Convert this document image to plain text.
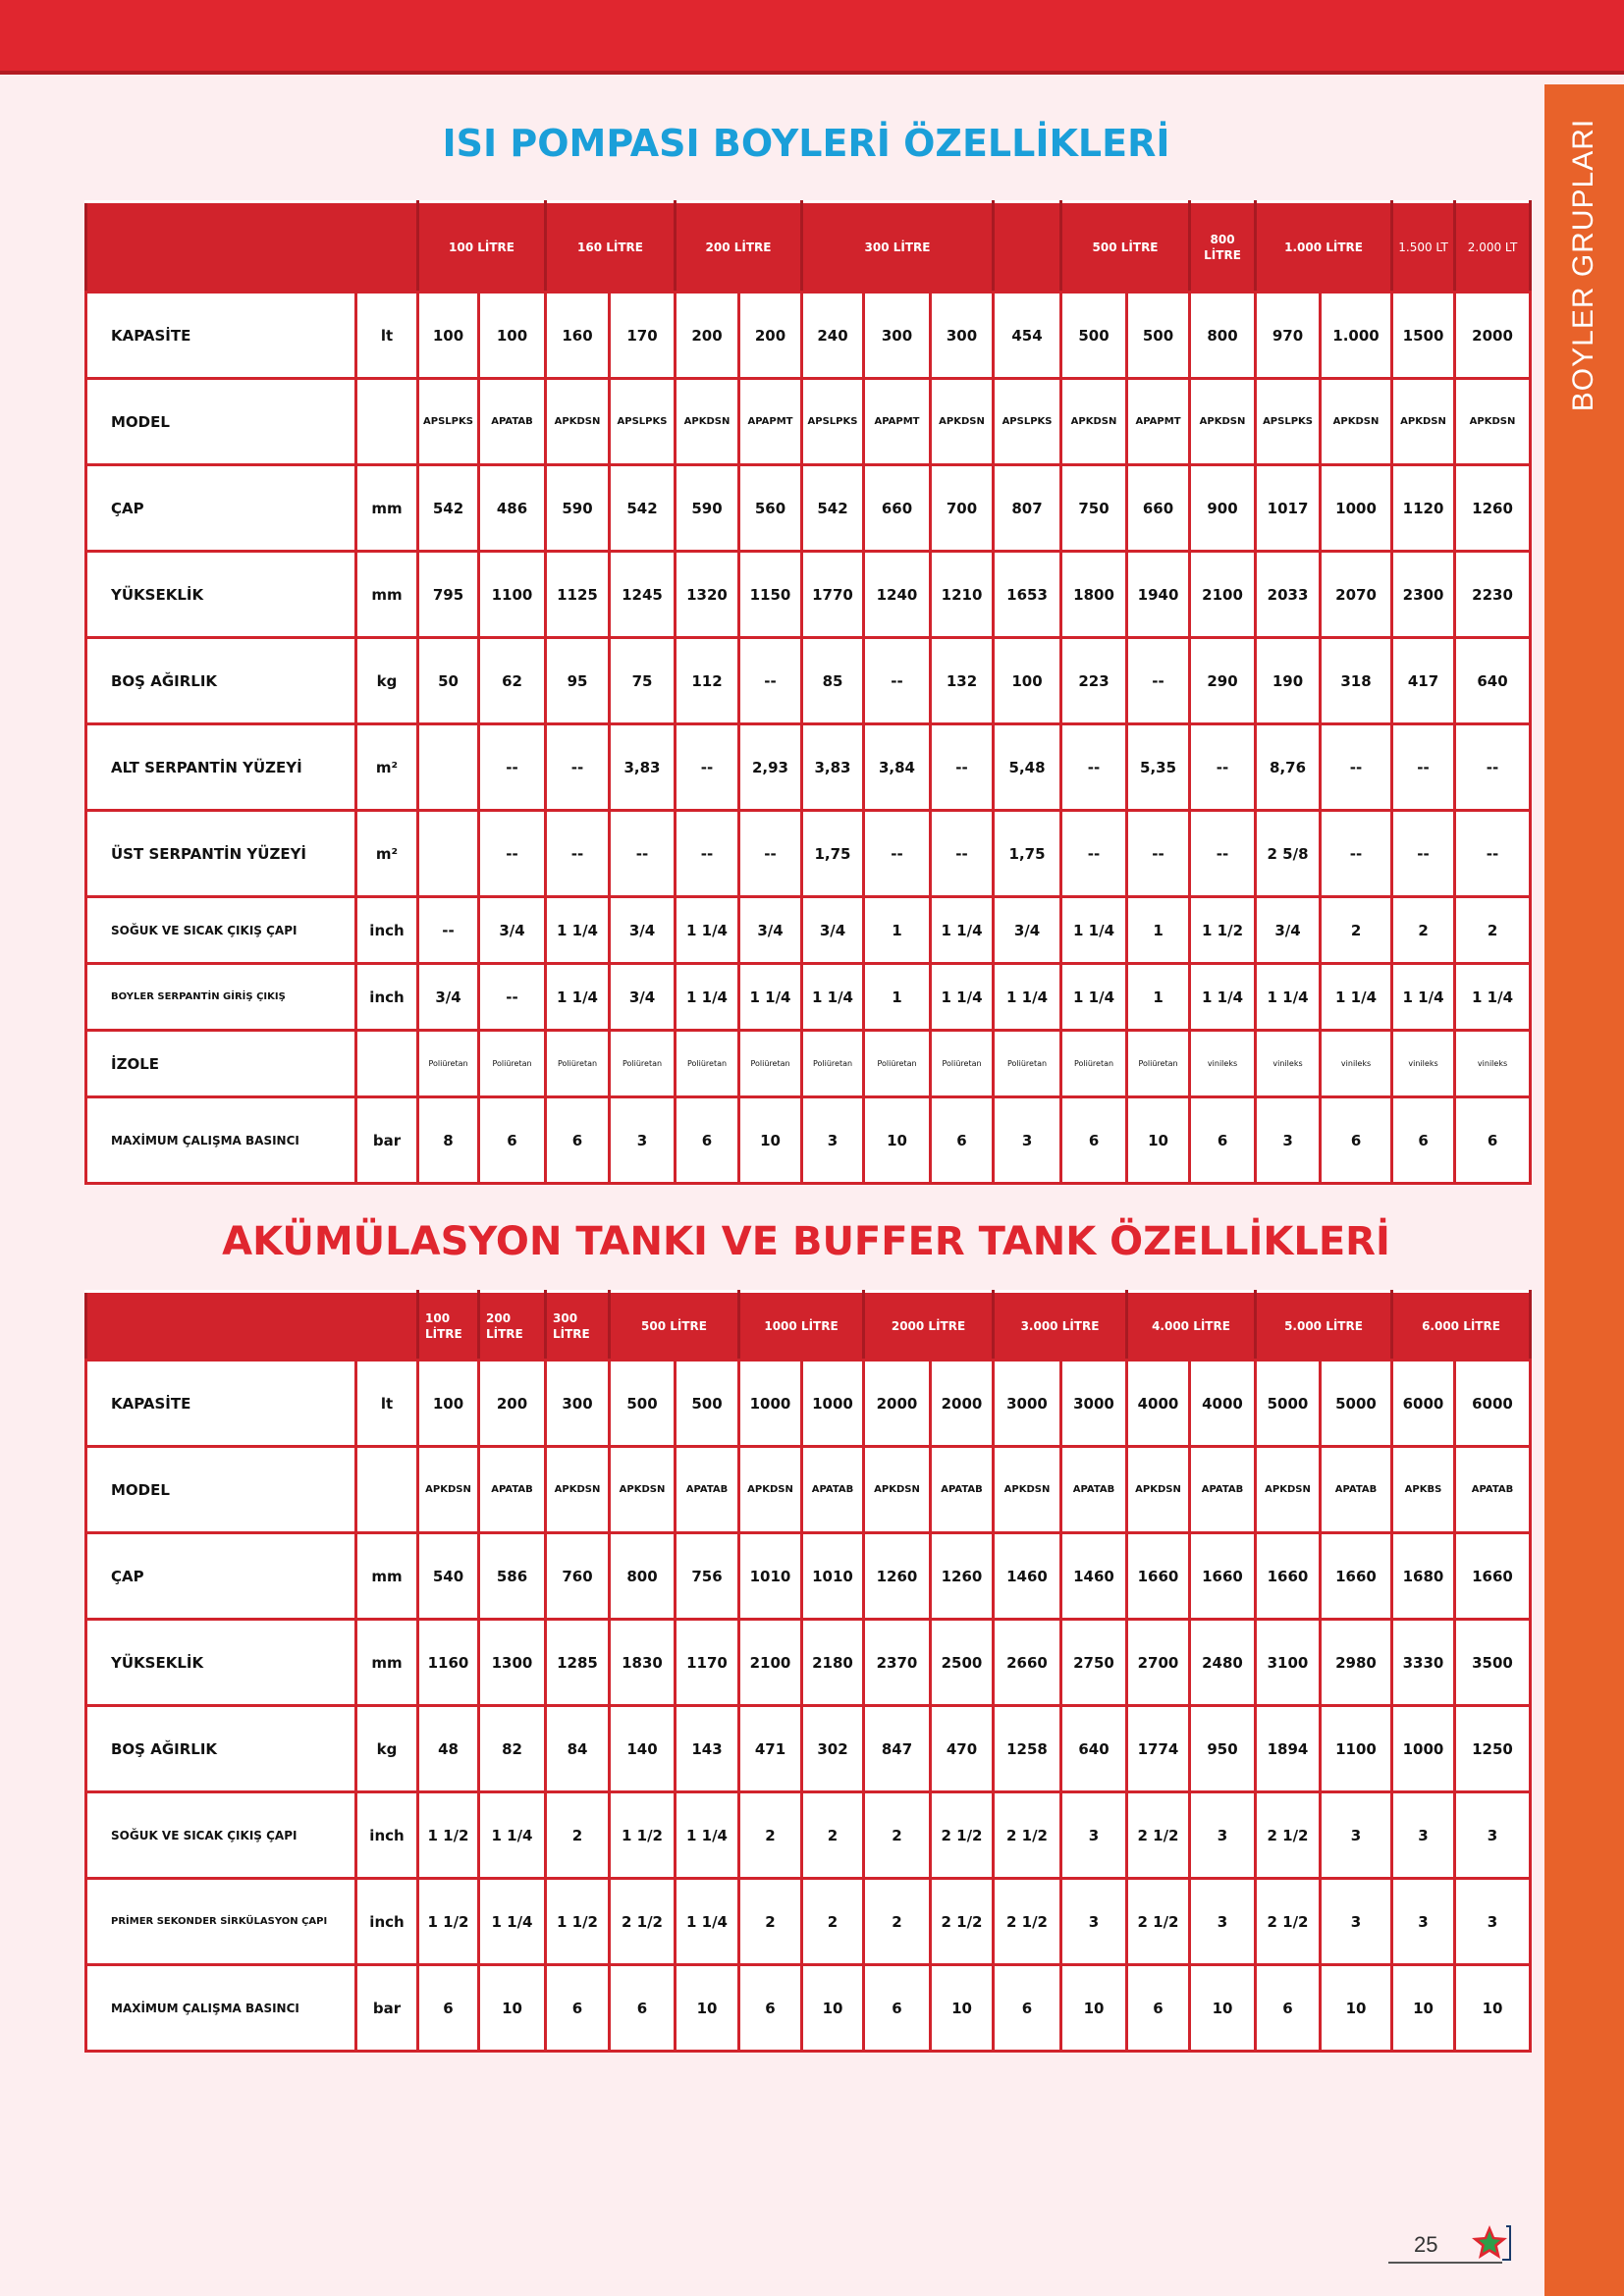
BOYLER GRUPLARI
ISI POMPASI BOYLERİ ÖZELLİKLERİ
		100 LİTRE		160 LİTRE		200 LİTRE		300 LİTRE				500 LİTRE		800 LİTRE	1.000 LİTRE		1.500 LT	2.000 LT
KAPASİTE	lt	100	100	160	170	200	200	240	300	300	454	500	500	800	970	1.000	1500	2000
MODEL		APSLPKS	APATAB	APKDSN	APSLPKS	APKDSN	APAPMT	APSLPKS	APAPMT	APKDSN	APSLPKS	APKDSN	APAPMT	APKDSN	APSLPKS	APKDSN	APKDSN	APKDSN
ÇAP	mm	542	486	590	542	590	560	542	660	700	807	750	660	900	1017	1000	1120	1260
YÜKSEKLİK	mm	795	1100	1125	1245	1320	1150	1770	1240	1210	1653	1800	1940	2100	2033	2070	2300	2230
BOŞ AĞIRLIK	kg	50	62	95	75	112	--	85	--	132	100	223	--	290	190	318	417	640
ALT SERPANTİN YÜZEYİ	m²		--	--	3,83	--	2,93	3,83	3,84	--	5,48	--	5,35	--	8,76	--	--	--
ÜST SERPANTİN YÜZEYİ	m²		--	--	--	--	--	1,75	--	--	1,75	--	--	--	2 5/8	--	--	--
SOĞUK VE SICAK ÇIKIŞ ÇAPI	inch	--	3/4	1 1/4	3/4	1 1/4	3/4	3/4	1	1 1/4	3/4	1 1/4	1	1 1/2	3/4	2	2	2
BOYLER SERPANTİN GİRİŞ ÇIKIŞ	inch	3/4	--	1 1/4	3/4	1 1/4	1 1/4	1 1/4	1	1 1/4	1 1/4	1 1/4	1	1 1/4	1 1/4	1 1/4	1 1/4	1 1/4
İZOLE		Poliüretan	Poliüretan	Poliüretan	Poliüretan	Poliüretan	Poliüretan	Poliüretan	Poliüretan	Poliüretan	Poliüretan	Poliüretan	Poliüretan	vinileks	vinileks	vinileks	vinileks	vinileks
MAXİMUM ÇALIŞMA BASINCI	bar	8	6	6	3	6	10	3	10	6	3	6	10	6	3	6	6	6
AKÜMÜLASYON TANKI VE BUFFER TANK ÖZELLİKLERİ
		100 LİTRE	200 LİTRE	300 LİTRE	500 LİTRE		1000 LİTRE		2000 LİTRE		3.000 LİTRE		4.000 LİTRE		5.000 LİTRE		6.000 LİTRE	
KAPASİTE	lt	100	200	300	500	500	1000	1000	2000	2000	3000	3000	4000	4000	5000	5000	6000	6000
MODEL		APKDSN	APATAB	APKDSN	APKDSN	APATAB	APKDSN	APATAB	APKDSN	APATAB	APKDSN	APATAB	APKDSN	APATAB	APKDSN	APATAB	APKBS	APATAB
ÇAP	mm	540	586	760	800	756	1010	1010	1260	1260	1460	1460	1660	1660	1660	1660	1680	1660
YÜKSEKLİK	mm	1160	1300	1285	1830	1170	2100	2180	2370	2500	2660	2750	2700	2480	3100	2980	3330	3500
BOŞ AĞIRLIK	kg	48	82	84	140	143	471	302	847	470	1258	640	1774	950	1894	1100	1000	1250
SOĞUK VE SICAK ÇIKIŞ ÇAPI	inch	1 1/2	1 1/4	2	1 1/2	1 1/4	2	2	2	2 1/2	2 1/2	3	2 1/2	3	2 1/2	3	3	3
PRİMER SEKONDER SİRKÜLASYON ÇAPI	inch	1 1/2	1 1/4	1 1/2	2 1/2	1 1/4	2	2	2	2 1/2	2 1/2	3	2 1/2	3	2 1/2	3	3	3
MAXİMUM ÇALIŞMA BASINCI	bar	6	10	6	6	10	6	10	6	10	6	10	6	10	6	10	10	10
25
